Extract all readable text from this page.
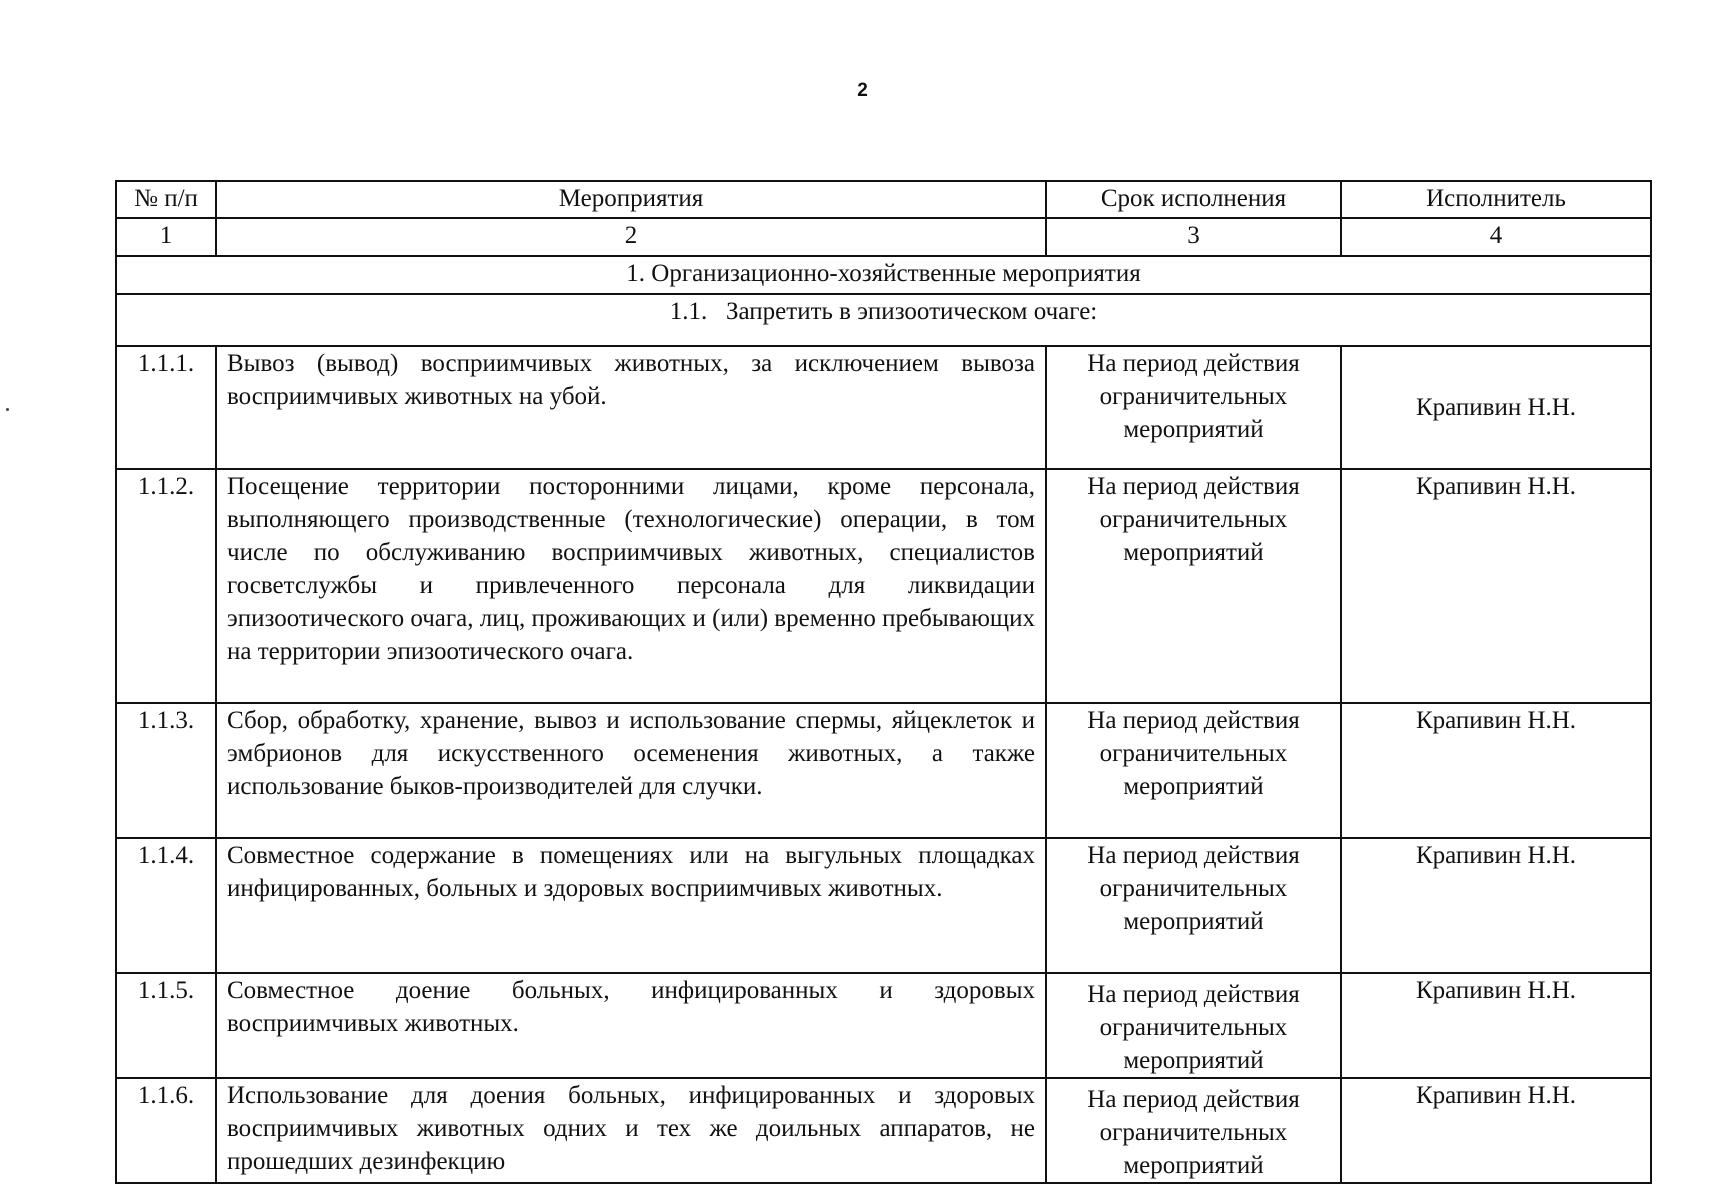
2
№ п/п	Мероприятия	Срок исполнения	Исполнитель
1	2	3	4
1. Организационно-хозяйственные мероприятия			
1.1.   Запретить в эпизоотическом очаге:			
1.1.1.	Вывоз (вывод) восприимчивых животных, за исключением вывоза восприимчивых животных на убой.	На период действия ограничительных мероприятий	Крапивин Н.Н.
1.1.2.	Посещение территории посторонними лицами, кроме персонала, выполняющего производственные (технологические) операции, в том числе по обслуживанию восприимчивых животных, специалистов госветслужбы и привлеченного персонала для ликвидации эпизоотического очага, лиц, проживающих и (или) временно пребывающих на территории эпизоотического очага.	На период действия ограничительных мероприятий	Крапивин Н.Н.
1.1.3.	Сбор, обработку, хранение, вывоз и использование спермы, яйцеклеток и эмбрионов для искусственного осеменения животных, а также использование быков-производителей для случки.	На период действия ограничительных мероприятий	Крапивин Н.Н.
1.1.4.	Совместное содержание в помещениях или на выгульных площадках инфицированных, больных и здоровых восприимчивых животных.	На период действия ограничительных мероприятий	Крапивин Н.Н.
1.1.5.	Совместное доение больных, инфицированных и здоровых восприимчивых животных.	На период действия ограничительных мероприятий	Крапивин Н.Н.
1.1.6.	Использование для доения больных, инфицированных и здоровых восприимчивых животных одних и тех же доильных аппаратов, не прошедших дезинфекцию	На период действия ограничительных мероприятий	Крапивин Н.Н.
